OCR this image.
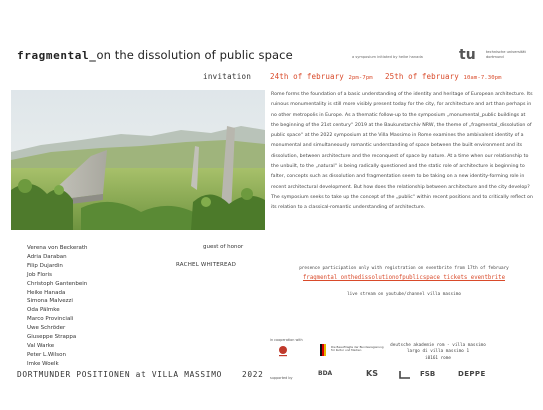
fragmental_on the dissolution of public space	a symposium initiated by heike hanada	tu	technische universität
dortmund
invitation	24th of february 2pm-7pm 25th of february 10am-7.30pm

Rome forms the foundation of a basic understanding of the identity and heritage of European architecture. Its ruinous monumentality is still more visibly present today for the city, for architecture and art than perhaps in no other metropolis in Europe. As a thematic follow-up to the symposium „monumental_public buildings at the beginning of the 21st century“ 2019 at the Baukunstarchiv NRW, the theme of „fragmental_dissolution of public space“ at the 2022 symposium at the Villa Massimo in Rome examines the ambivalent identity of a monumental and simultaneously romantic understanding of space between the built environment and its dissolution, between architecture and the reconquest of space by nature. At a time when our relationship to the unbuilt, to the „natural“ is being radically questioned and the static role of architecture is beginning to falter, concepts such as dissolution and fragmentation seem to be taking on a new identity-forming role in recent architectural development. But how does the relationship between architecture and the city develop?

The symposium seeks to take up the concept of the „public“ within recent positions and to critically reflect on its relation to a classical-romantic understanding of architecture.

Verena von Beckerath
Adria Daraban
Filip Dujardin
Job Floris
Christoph Gantenbein
Heike Hanada
Simona Malvezzi
Oda Pälmke
Marco Provinciali
Uwe Schröder
Giuseppe Strappa
Val Warke
Peter L.Wilson
Imke Woelk
guest of honor
RACHEL WHITEREAD
presence participation only with registration on eventbrite from 17th of february
fragmental_onthedissolutionofpublicspace_tickets_eventbrite
live stream on youtube/channel villa massimo
in cooperation with
Die Beauftragte der Bundesregierung
für Kultur und Medien
deutsche akademie rom - villa massimo
largo di villa massimo 1
i0161 rome
supported by
BDA	KS	FSB	DEPPE
DORTMUNDER POSITIONEN at VILLA MASSIMO	2022
